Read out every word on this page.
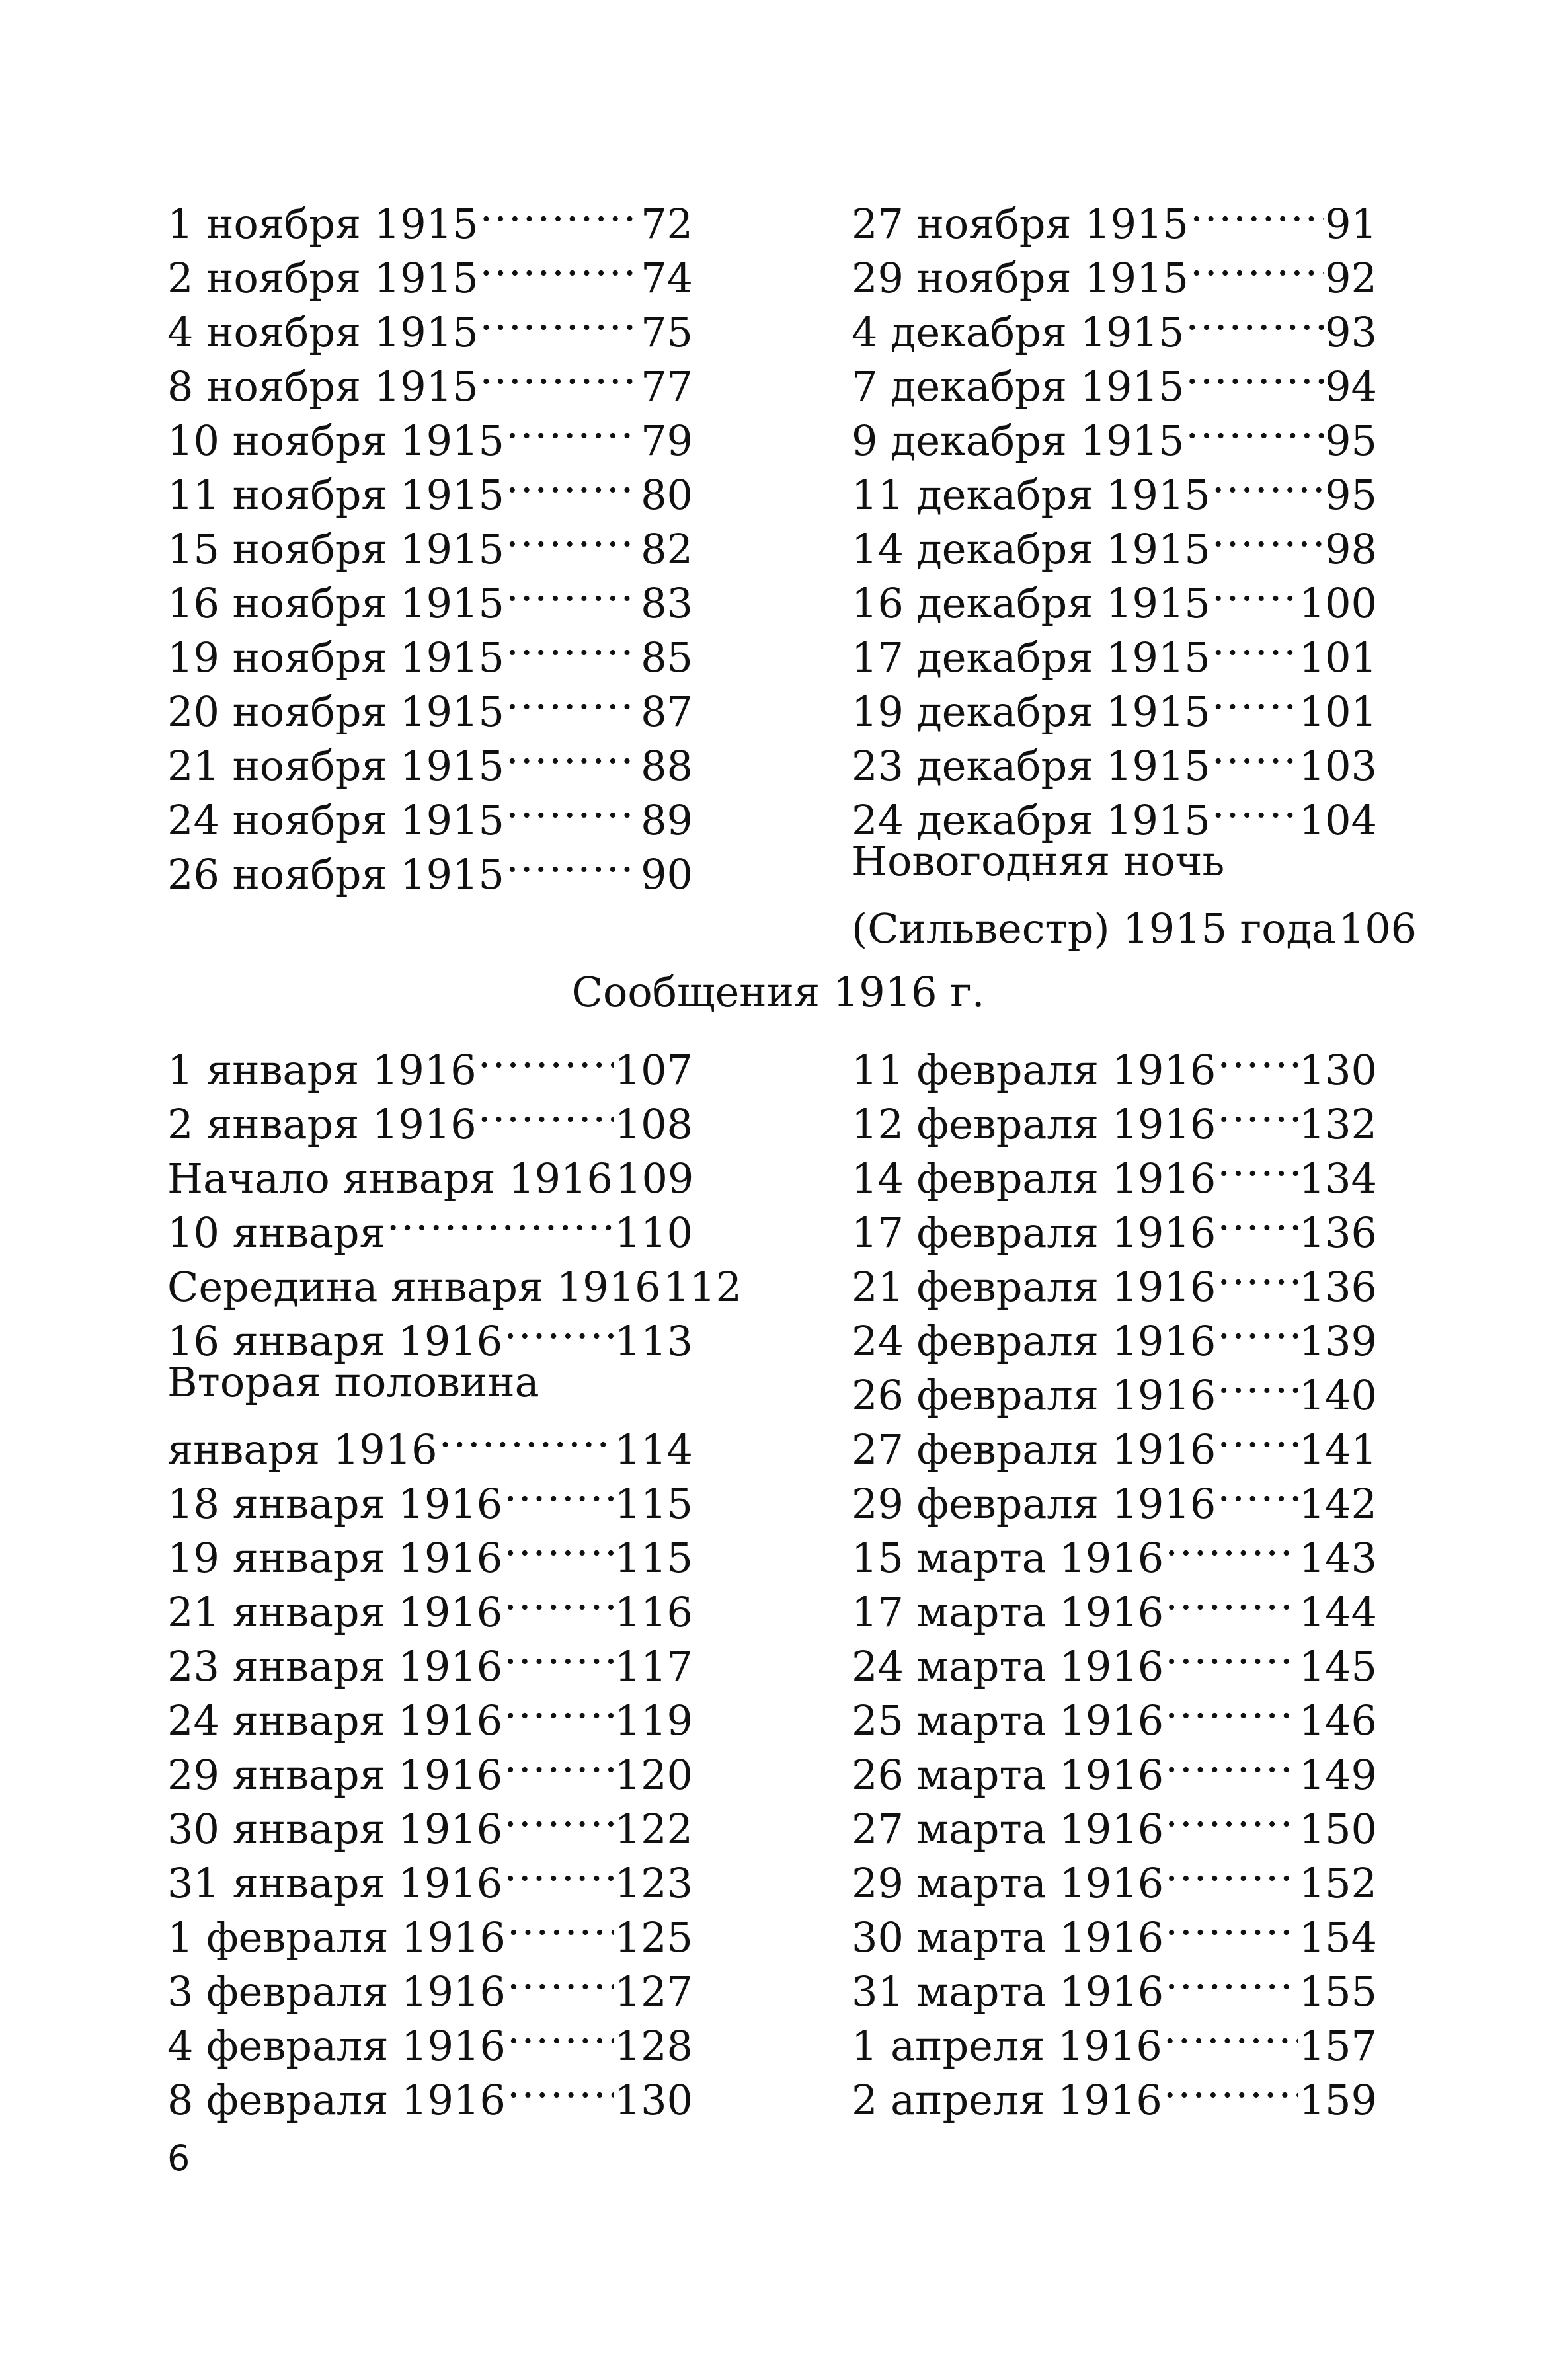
1 ноября 1915 .....	72
2 ноября 1915 .....	74
4 ноября 1915 .....	75
8 ноября 1915 .....	77
10 ноября 1915 .....	79
11 ноября 1915 .....	80
15 ноября 1915 .....	82
16 ноября 1915 .....	83
19 ноября 1915 .....	85
20 ноября 1915 .....	87
21 ноября 1915 .....	88
24 ноября 1915 .....	89
26 ноября 1915 .....	90
27 ноября 1915 .....	91
29 ноября 1915 .....	92
4 декабря 1915 .....	93
7 декабря 1915 .....	94
9 декабря 1915 .....	95
11 декабря 1915 .....	95
14 декабря 1915 .....	98
16 декабря 1915 ..... 100
17 декабря 1915 ..... 101
19 декабря 1915 ..... 101
23 декабря 1915 ..... 103
24 декабря 1915 ..... 104
Новогодняя ночь
(Сильвестр) 1915 года 106
Сообщения 1916 г.
1 января 1916 .....	107
2 января 1916 .....	108
Начало января 1916 109
10 января .....	110
Середина января 1916 112
16 января 1916 .....	113
Вторая половина
января 1916 .....	114
18 января 1916 .....	115
19 января 1916 .....	115
21 января 1916 .....	116
23 января 1916 .....	117
24 января 1916 .....	119
29 января 1916 .....	120
30 января 1916 .....	122
31 января 1916 .....	123
1 февраля 1916 .....	125
3 февраля 1916 .....	127
4 февраля 1916 .....	128
8 февраля 1916 .....	130
11 февраля 1916 ..... 130
12 февраля 1916 ..... 132
14 февраля 1916 ..... 134
17 февраля 1916 ..... 136
21 февраля 1916 ..... 136
24 февраля 1916 ..... 139
26 февраля 1916 ..... 140
27 февраля 1916 ..... 141
29 февраля 1916 ..... 142
15 марта 1916 .....	143
17 марта 1916 .....	144
24 марта 1916 .....	145
25 марта 1916 .....	146
26 марта 1916 .....	149
27 марта 1916 .....	150
29 марта 1916 .....	152
30 марта 1916 .....	154
31 марта 1916 .....	155
1 апреля 1916 .....	157
2 апреля 1916 .....	159
6
